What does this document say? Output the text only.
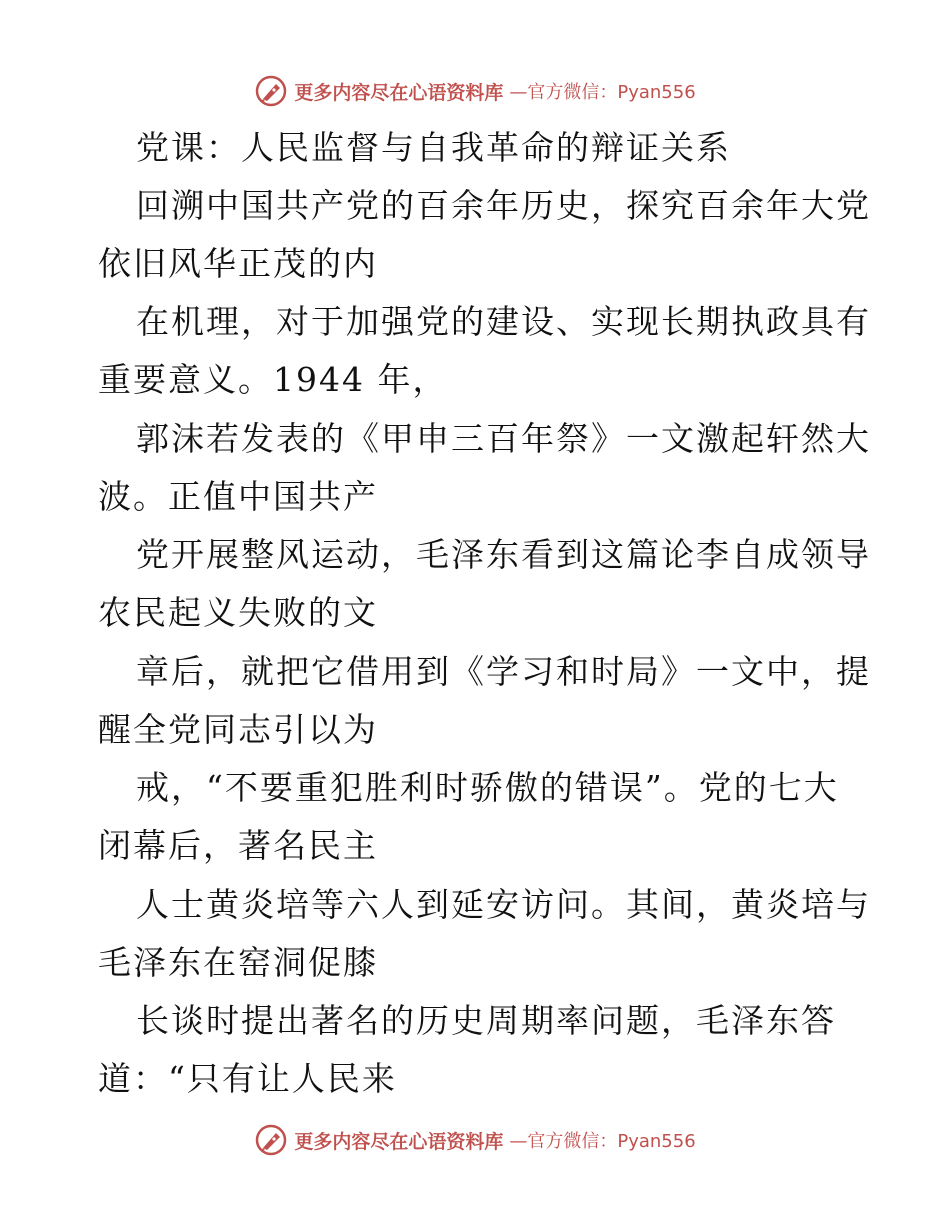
更多内容尽在心语资料库 —官方微信：Pyan556
党课：人民监督与自我革命的辩证关系
回溯中国共产党的百余年历史，探究百余年大党
依旧风华正茂的内
在机理，对于加强党的建设、实现长期执政具有
重要意义。1944 年，
郭沫若发表的《甲申三百年祭》一文激起轩然大
波。正值中国共产
党开展整风运动，毛泽东看到这篇论李自成领导
农民起义失败的文
章后，就把它借用到《学习和时局》一文中，提
醒全党同志引以为
戒，“不要重犯胜利时骄傲的错误”。党的七大
闭幕后，著名民主
人士黄炎培等六人到延安访问。其间，黄炎培与
毛泽东在窑洞促膝
长谈时提出著名的历史周期率问题，毛泽东答
道：“只有让人民来
更多内容尽在心语资料库 —官方微信：Pyan556
